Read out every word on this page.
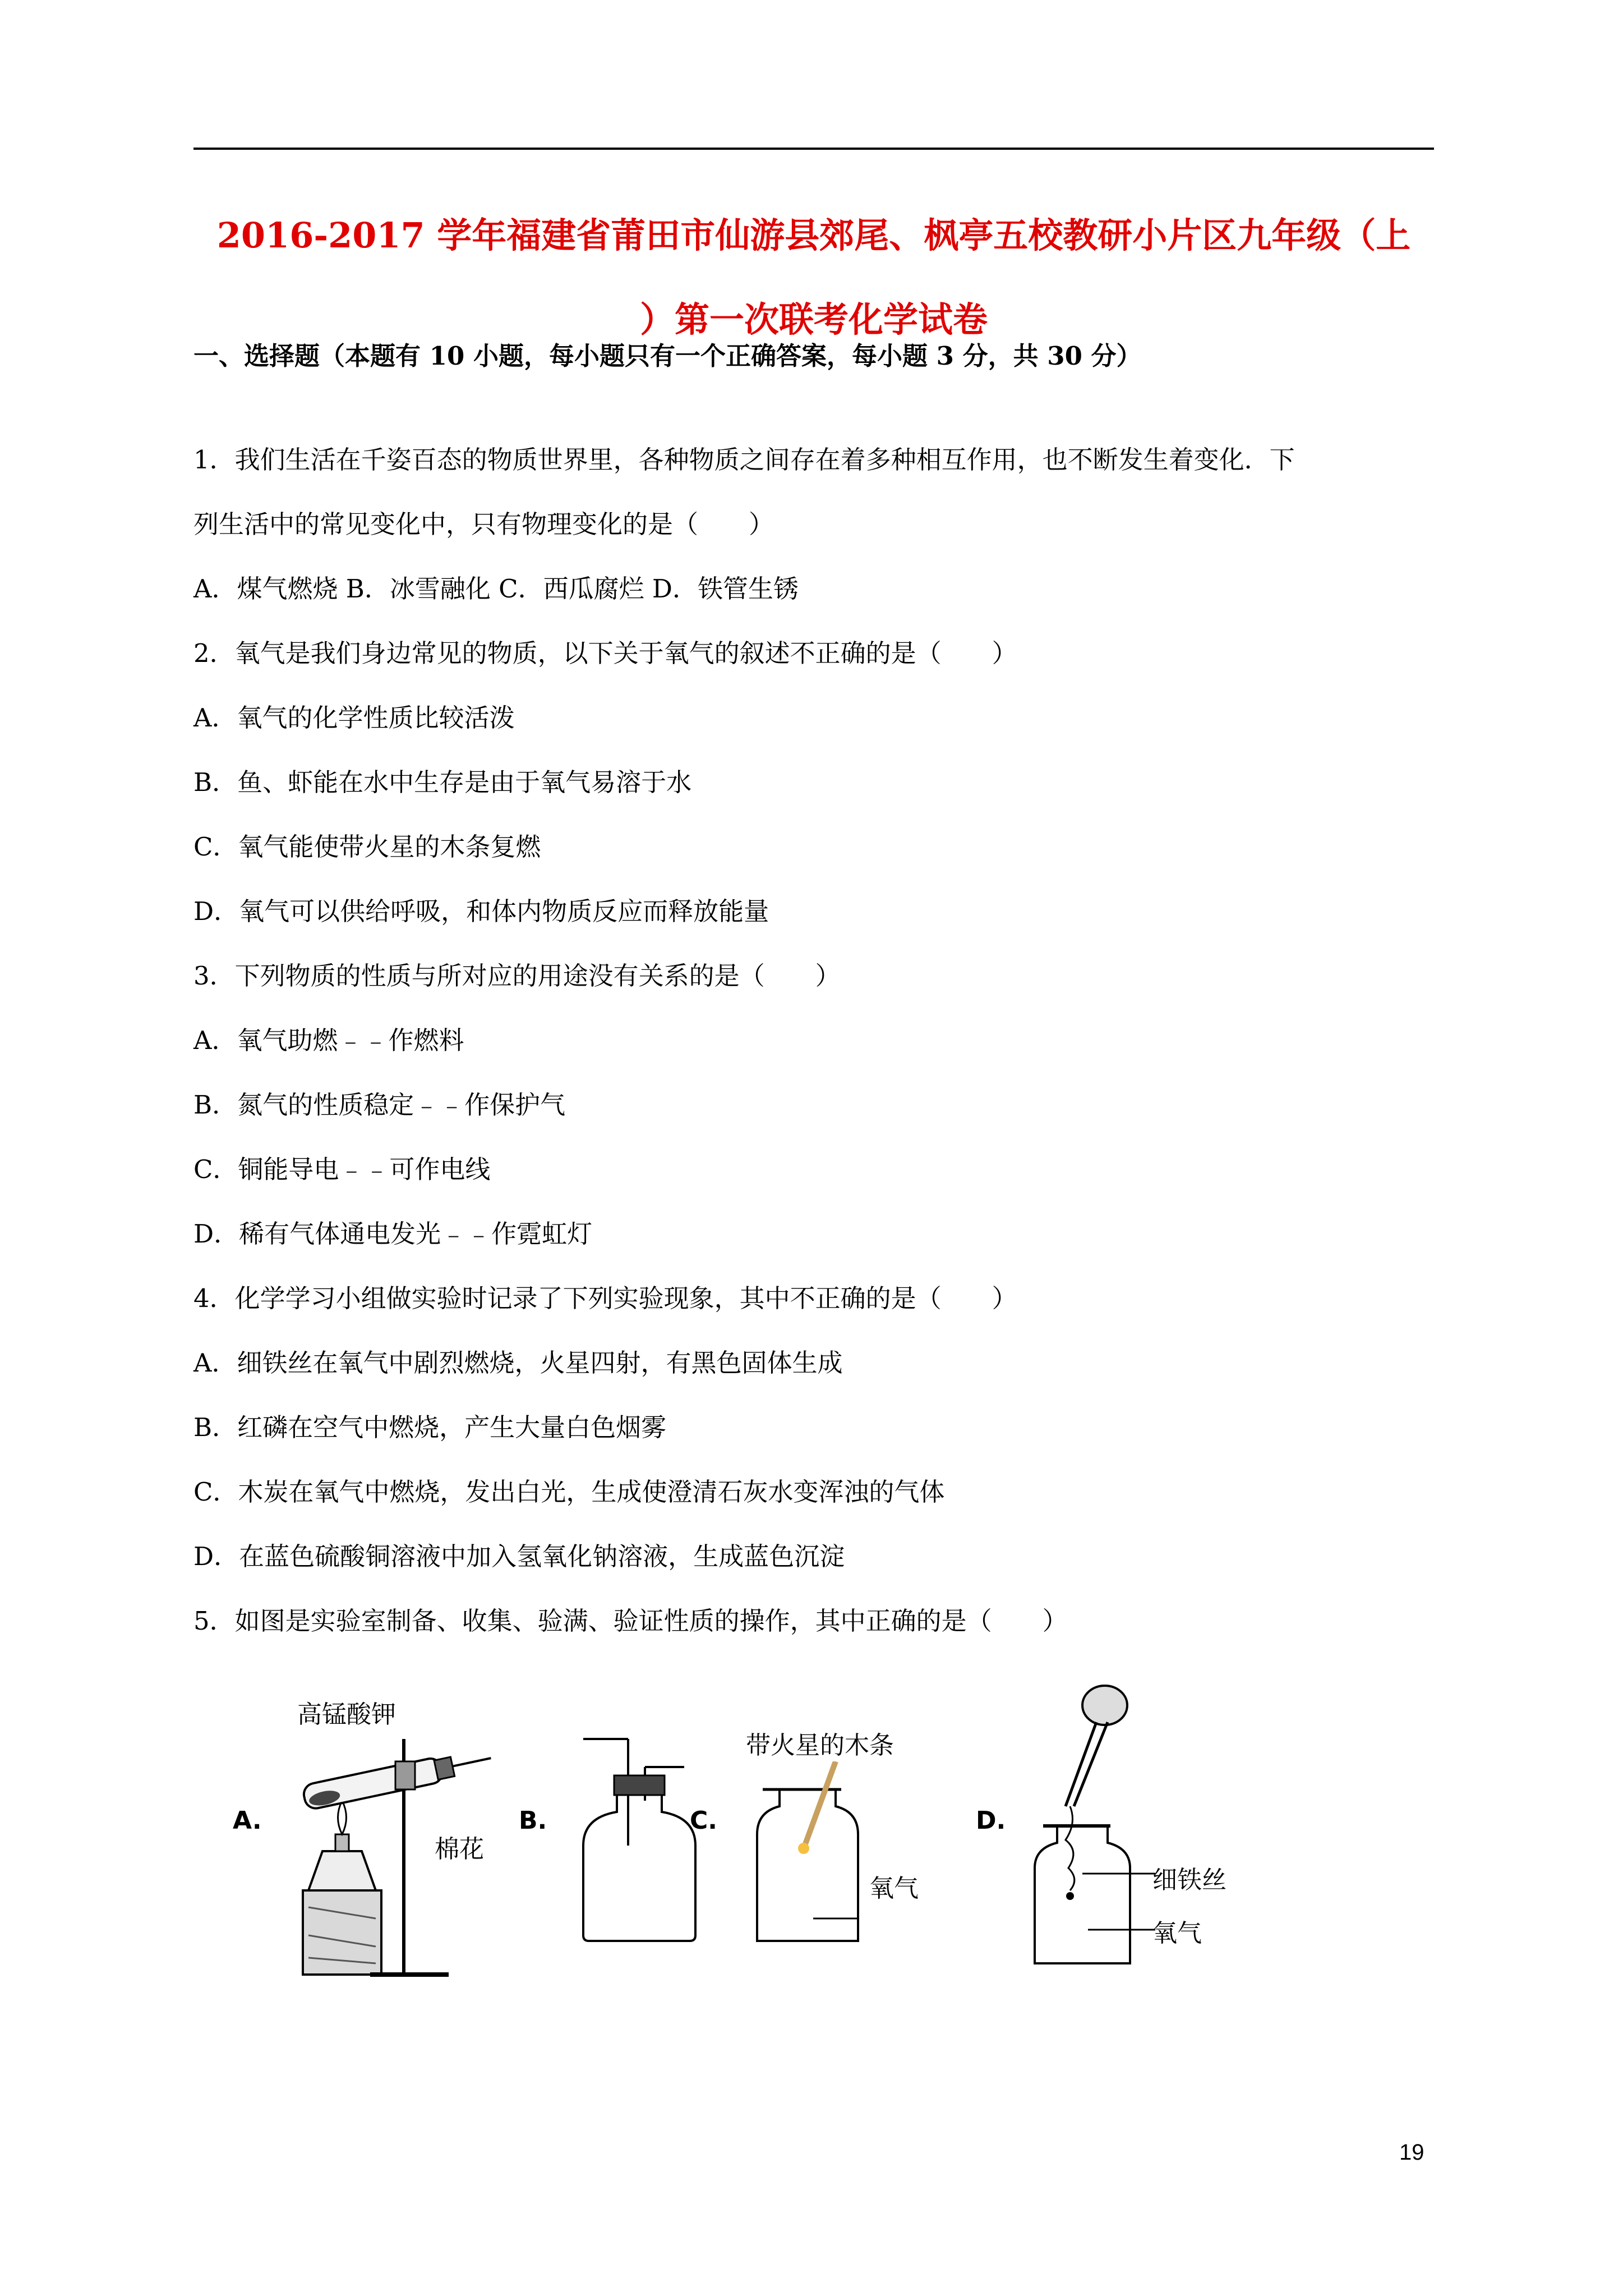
2016-2017 学年福建省莆田市仙游县郊尾、枫亭五校教研小片区九年级（上
）第一次联考化学试卷
一、选择题（本题有 10 小题，每小题只有一个正确答案，每小题 3 分，共 30 分）
1．我们生活在千姿百态的物质世界里，各种物质之间存在着多种相互作用，也不断发生着变化．下
列生活中的常见变化中，只有物理变化的是（　　）
A．煤气燃烧 B．冰雪融化 C．西瓜腐烂 D．铁管生锈
2．氧气是我们身边常见的物质，以下关于氧气的叙述不正确的是（　　）
A．氧气的化学性质比较活泼
B．鱼、虾能在水中生存是由于氧气易溶于水
C．氧气能使带火星的木条复燃
D．氧气可以供给呼吸，和体内物质反应而释放能量
3．下列物质的性质与所对应的用途没有关系的是（　　）
A．氧气助燃﹣﹣作燃料
B．氮气的性质稳定﹣﹣作保护气
C．铜能导电﹣﹣可作电线
D．稀有气体通电发光﹣﹣作霓虹灯
4．化学学习小组做实验时记录了下列实验现象，其中不正确的是（　　）
A．细铁丝在氧气中剧烈燃烧，火星四射，有黑色固体生成
B．红磷在空气中燃烧，产生大量白色烟雾
C．木炭在氧气中燃烧，发出白光，生成使澄清石灰水变浑浊的气体
D．在蓝色硫酸铜溶液中加入氢氧化钠溶液，生成蓝色沉淀
5．如图是实验室制备、收集、验满、验证性质的操作，其中正确的是（　　）
A.	B.	C.	D.
高锰酸钾
棉花
带火星的木条
氧气	细铁丝
氧气
19
